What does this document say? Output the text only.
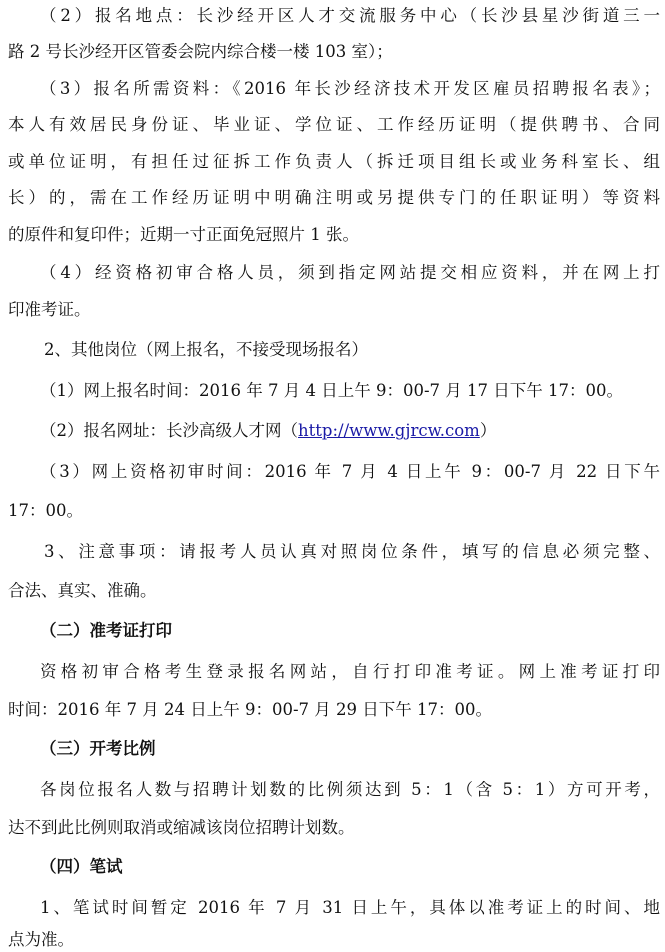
（2）报名地点：长沙经开区人才交流服务中心（长沙县星沙街道三一
路 2 号长沙经开区管委会院内综合楼一楼 103 室）；
（3）报名所需资料：《2016 年长沙经济技术开发区雇员招聘报名表》；
本人有效居民身份证、毕业证、学位证、工作经历证明（提供聘书、合同
或单位证明，有担任过征拆工作负责人（拆迁项目组长或业务科室长、组
长）的，需在工作经历证明中明确注明或另提供专门的任职证明）等资料
的原件和复印件；近期一寸正面免冠照片 1 张。
（4）经资格初审合格人员，须到指定网站提交相应资料，并在网上打
印准考证。
2、其他岗位（网上报名，不接受现场报名）
（1）网上报名时间：2016 年 7 月 4 日上午 9：00-7 月 17 日下午 17：00。
（2）报名网址：长沙高级人才网（http://www.gjrcw.com）
（3）网上资格初审时间：2016 年 7 月 4 日上午 9：00-7 月 22 日下午
17：00。
3、注意事项：请报考人员认真对照岗位条件，填写的信息必须完整、
合法、真实、准确。
（二）准考证打印
资格初审合格考生登录报名网站，自行打印准考证。网上准考证打印
时间：2016 年 7 月 24 日上午 9：00-7 月 29 日下午 17：00。
（三）开考比例
各岗位报名人数与招聘计划数的比例须达到 5：1（含 5：1）方可开考，
达不到此比例则取消或缩减该岗位招聘计划数。
（四）笔试
1、笔试时间暂定 2016 年 7 月 31 日上午，具体以准考证上的时间、地
点为准。
